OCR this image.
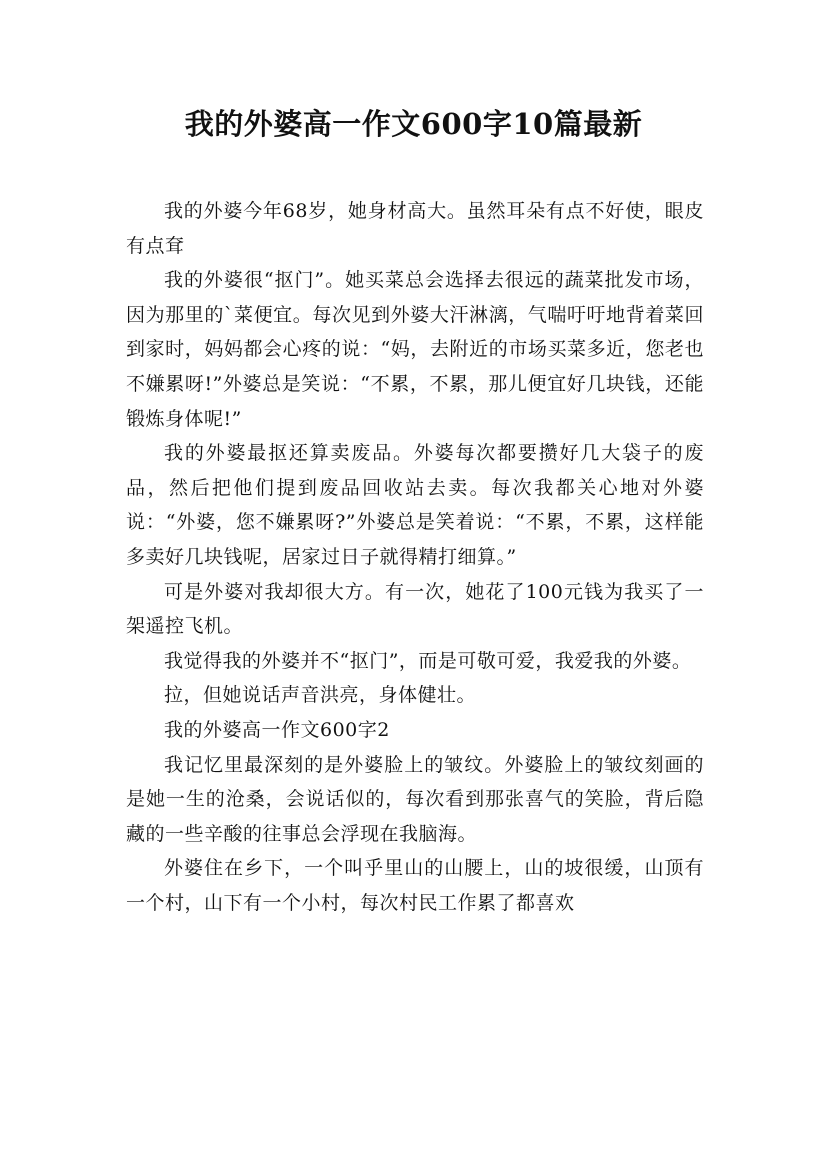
我的外婆高一作文600字10篇最新

我的外婆今年68岁，她身材高大。虽然耳朵有点不好使，眼皮有点耷

我的外婆很“抠门”。她买菜总会选择去很远的蔬菜批发市场，因为那里的`菜便宜。每次见到外婆大汗淋漓，气喘吁吁地背着菜回到家时，妈妈都会心疼的说：“妈，去附近的市场买菜多近，您老也不嫌累呀!”外婆总是笑说：“不累，不累，那儿便宜好几块钱，还能锻炼身体呢!”

我的外婆最抠还算卖废品。外婆每次都要攒好几大袋子的废品，然后把他们提到废品回收站去卖。每次我都关心地对外婆说：“外婆，您不嫌累呀?”外婆总是笑着说：“不累，不累，这样能多卖好几块钱呢，居家过日子就得精打细算。”

可是外婆对我却很大方。有一次，她花了100元钱为我买了一架遥控飞机。

我觉得我的外婆并不“抠门”，而是可敬可爱，我爱我的外婆。

拉，但她说话声音洪亮，身体健壮。

我的外婆高一作文600字2

我记忆里最深刻的是外婆脸上的皱纹。外婆脸上的皱纹刻画的是她一生的沧桑，会说话似的，每次看到那张喜气的笑脸，背后隐藏的一些辛酸的往事总会浮现在我脑海。

外婆住在乡下，一个叫乎里山的山腰上，山的坡很缓，山顶有一个村，山下有一个小村，每次村民工作累了都喜欢
